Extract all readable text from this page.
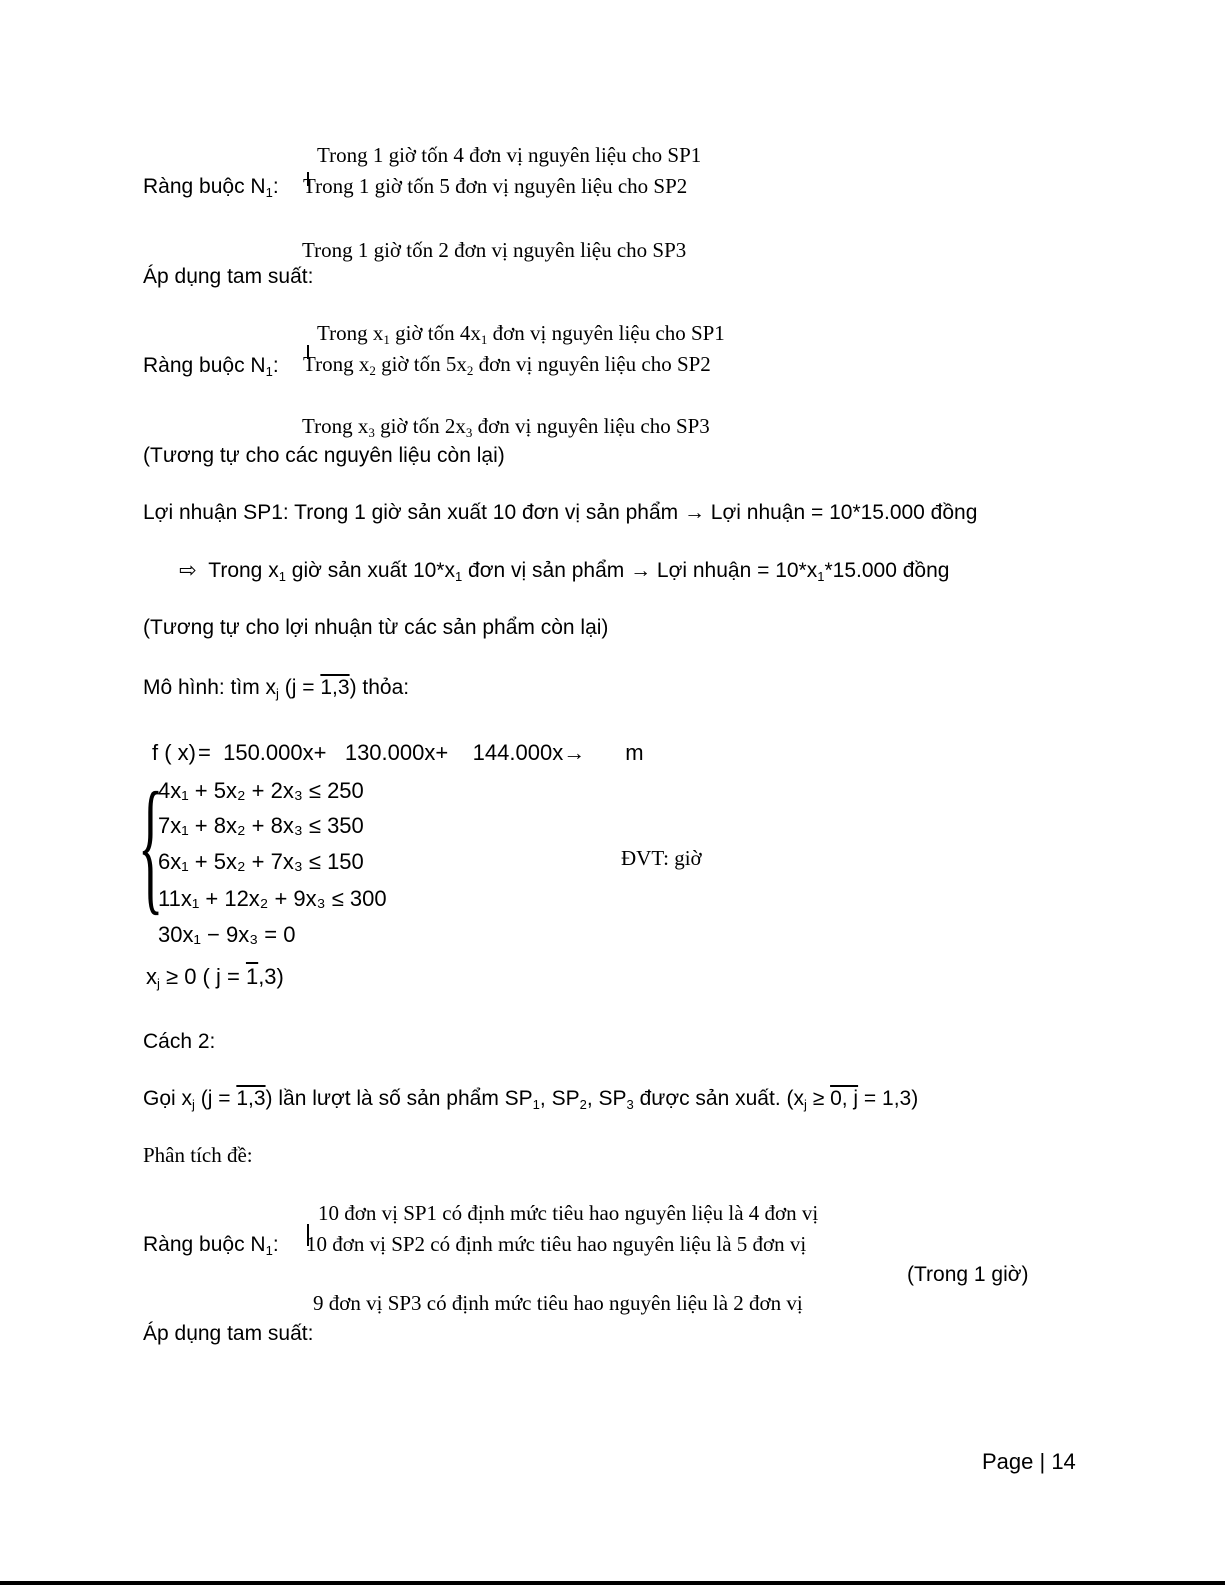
Trong 1 giờ tốn 4 đơn vị nguyên liệu cho SP1
Ràng buộc $N_1$: Trong 1 giờ tốn 5 đơn vị nguyên liệu cho SP2
Trong 1 giờ tốn 2 đơn vị nguyên liệu cho SP3
Áp dụng tam suất:
Trong $x_1$ giờ tốn $4x_1$ đơn vị nguyên liệu cho SP1
Ràng buộc $N_1$: Trong $x_2$ giờ tốn $5x_2$ đơn vị nguyên liệu cho SP2
Trong $x_3$ giờ tốn $2x_3$ đơn vị nguyên liệu cho SP3
(Tương tự cho các nguyên liệu còn lại)
Lợi nhuận SP1: Trong 1 giờ sản xuất 10 đơn vị sản phẩm → Lợi nhuận = 10*15.000 đồng
⇨ Trong $x_1$ giờ sản xuất $10*x_1$ đơn vị sản phẩm → Lợi nhuận = $10*x_1*15.000$ đồng
(Tương tự cho lợi nhuận từ các sản phẩm còn lại)
Mô hình: tìm $x_j$ (j = 1,3) thỏa:
f ( x)= 150.000x+ 130.000x+ 144.000x→ m
{
4x₁ + 5x₂ + 2x₃ ≤ 250
7x₁ + 8x₂ + 8x₃ ≤ 350
6x₁ + 5x₂ + 7x₃ ≤ 150
11x₁ + 12x₂ + 9x₃ ≤ 300
30x₁ − 9x₃ = 0
ĐVT: giờ
$x_j \ge 0$ ( j = 1,3)
Cách 2:
Gọi $x_j$ (j = 1,3) lần lượt là số sản phẩm $SP_1$, $SP_2$, $SP_3$ được sản xuất. ($x_j \ge 0$, j = 1,3)
Phân tích đề:
10 đơn vị SP1 có định mức tiêu hao nguyên liệu là 4 đơn vị
Ràng buộc $N_1$: 10 đơn vị SP2 có định mức tiêu hao nguyên liệu là 5 đơn vị
(Trong 1 giờ)
9 đơn vị SP3 có định mức tiêu hao nguyên liệu là 2 đơn vị
Áp dụng tam suất:
Page | 14
